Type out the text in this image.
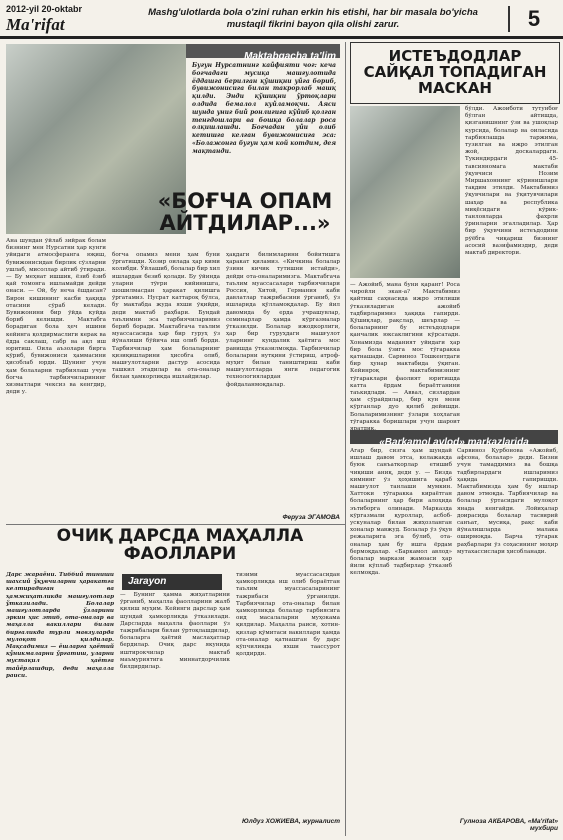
2012-yil 20-oktabr
Ma'rifat
Mashg'ulotlarda bola o'zini ruhan erkin his etishi, har bir masala bo'yicha mustaqil fikrini bayon qila olishi zarur.	5
Maktabgacha ta'lim
Бугун Нурсатнинг кайфияти чог: кеча богчадаги мусиқа машғулотида ёддашга берилган қўшиқни уйга бориб, бувижонисига билан такрорлаб машқ қилди. Энди қўшиқни ўртоқлари олдида бемалол куйламоқчи. Аяси шунда униг бий ронлигига кўйиб қолган тенгдошлари ва бошқа болалар роса олқишлашди. Богчадан уйи олиб кетишга келган бувижонисига эса: «Болажонга бугун ҳам кой котдим, дея мақтанди.
«БОҒЧА ОПАМ АЙТДИЛАР...»
Ана шундан ўйлаб зийрак болам бизнинг мен Нурсатни ҳар кунги уйидаги атмосферанга юқиш, бувижонисидан бирлик сўзларни ушлаб, мисоллар айтиб ўтиради. — Бу меҳнат ишшик, ёзиб ёзиб қай томонга ишламайди дейди онаси. — Ой, бу неча ёшдасан? Бирон кишининг касби ҳақида отасини сўраб келади. Бувижонини бир ўйда куйда бориб келишди. Мактабга борадиган бола ҳеч ишини кейинга қолдирмаслиги керак ва ёдда саклаш, сабр ва ақл иш юритиш. Оила аъзолари бирга кўриб, бувижониси ҳаммасини ҳисоблаб юрди. Шунинг учун ҳам болаларни тарбиялаш учун богча тарбиячиларининг хизматлари чексиз ва кенгдир, деди у.
богча опамиз мени ҳам буни ўргатишди. Хозир оилада ҳар кими колибди. Ўйлашиб, болалар бир хил ишлардан безиб қолади. Бу ўйинда уларни тўғри кийинишга, шошилмасдан ҳаракат қилишга ўргатамиз. Нусрат каттароқ бўлса, бу мактабда жуда яхши ўқийди, деди мактаб раҳбари. Бундай таълимни эса тарбиячиларимиз бериб боради. Мактабгача таълим муассасасида ҳар бир гуруҳ ўз йўналиши бўйича иш олиб борди. Тарбиячилар ҳам болаларнинг қизиқишларини ҳисобга олиб, машғулотларни дастур асосида ташкил этадилар ва ота-оналар билан ҳамкорликда ишлайдилар.
ҳақдаги билимларини бойитишга ҳаракат қиламиз. «Кичкина болалар ўзини кичик тутишни истайди», дейди ота-оналаримизга. Мактабгача таълим муассасалари тарбиячилари Россия, Хитой, Германия каби давлатлар тажрибасини ўрганиб, ўз ишларида қўлламоқдалар. Бу йил давомида бу ерда учрашувлар, семинарлар ҳамда кўргазмалар ўтказилди. Болалар ижодкорлиги, ҳар бир гуруҳдаги машғулот уларнинг кундалик ҳаётига мос равишда ўтказилмоқда. Тарбиячилар болаларни нутқини ўстириш, атроф-муҳит билан таништириш каби машғулотларда янги педагогик технологиялардан фойдаланмоқдалар.
Феруза ЭГАМОВА
ИСТЕЪДОДЛАР САЙҚАЛ ТОПАДИГАН МАСКАН
— Ажойиб, мана буни қаранг! Роса чиройли экан-а? Мактабимиз қайтиш саҳнасида ижро этилиши ўтказиладиган ажойиб тадбирларимиз ҳақида гапирди. Қўшиқлар, рақслар, шеърлар — болаларнинг бу истеъдодлари қанчалик юксаклигини кўрсатади. Хонамизда маданият уйидаги ҳар бир бола ўзига мос тўгаракка қатнашади. Сарвиноз Тошкентдаги бир ҳунар мактабида ўқиган. Кейинроқ мактабимизнинг тўгараклари фаолият юритишда катта ёрдам бераётганини таъкидлади. — Аввал, сизлардан ҳам сўрайдилар, бир кун мени кўрганлар дуо қилиб дейишди. Болаларимизнинг ўзлари хоҳлаган тўгаракка боришлари учун шароит
бўлди. Ажоиботи тутунбоғ бўлган айтишда, қизганишнинг ўзи ва ушоқлар курсида, болалар ва оиласида тарбиялашда таржима, тузилган ва ижро этилган жой, доскалардаги. Тукиндирдаги 45-тавсияномага мактаби ўқувчиси Нозим Миршахоннинг кўринишлари тақдим этилди. Мактабимиз ўқувчилари ва ўқитувчилари шаҳар ва республика миқёсидаги кўрик-танловларда фахрли ўринларни эгалладилар. Ҳар бир ўқувчини истеъдодини рўёбга чиқариш бизнинг асосий вазифамиздир, деди мактаб директори.
«Barkamol avlod» markazlarida
Агар бир, сизга ҳам шундай ишлаш давом этса, келажакда буюк санъаткорлар етишиб чиқиши аниқ, деди у. — Бизда кимнинг ўз ҳоҳишига қараб машғулот танлаши мумкин. Хаттоки тўгаракка кираётган болаларнинг ҳар бири алоҳида эътиборга олинади. Марказда кўргазмали қуроллар, асбоб-ускуналар билан жиҳозланган хоналар мавжуд. Болалар ўз ўқув режаларига эга бўлиб, ота-оналар ҳам бу ишга ёрдам бермоқдалар. «Баркамол авлод» болалар маркази жамоаси ҳар йили кўплаб тадбирлар ўтказиб келмоқда.
Сарвиноз Қурбонова «Ажойиб, афсона, болалар» деди. Бизни учун тамаддимиз ва бошқа тадбирлардаги ишларимиз ҳақида гапиришди. Мактабимизда ҳам бу ишлар давом этмоқда. Тарбиячилар ва болалар ўртасидаги мулоқот янада кенгайди. Лойиҳалар доирасида болалар тасвирий санъат, мусиқа, рақс каби йўналишларда малака оширмоқда. Барча тўгарак раҳбарлари ўз соҳасининг моҳир мутахассислари ҳисобланади.
Гулноза АКБАРОВА, «Ma'rifat» мухбири
ОЧИҚ ДАРСДА МАҲАЛЛА ФАОЛЛАРИ
Дарс жараёни. Тиббий тиниши шахсий ўқувчиларни ҳаракатга келтирадиган ва ҳамжиҳатликда машғулотлар ўтказилади. Болалар машғулотларда ўзларини эркин ҳис этиб, ота-оналар ва маҳалла вакиллари билан биргаликда турли мавзуларда мулоқот қилдилар. Мақсадимиз — ёшларга ҳаётий кўникмаларни ўргатиш, уларни мустақил ҳаётга тайёрлашдир, деди маҳалла раиси.
Jarayon
— Бунинг ҳамма жиҳатларини ўрганиб, маҳалла фаолларини жалб қилиш муҳим. Кейинги дарслар ҳам шундай ҳамкорликда ўтказилади. Дарсларда маҳалла фаоллари ўз тажрибалари билан ўртоқлашдилар, болаларга ҳаётий маслаҳатлар бердилар. Очиқ дарс якунида иштирокчилар мактаб маъмуриятига миннатдорчилик билдирдилар.
тизими муассасасидан ҳамкорликда иш олиб бораётган таълим муассасаларининг тажрибаси ўрганилди. Тарбиячилар ота-оналар билан ҳамкорликда болалар тарбиясига оид масалаларни муҳокама қилдилар. Маҳалла раиси, хотин-қизлар қўмитаси вакиллари ҳамда ота-оналар қатнашган бу дарс кўпчиликда яхши таассурот қолдирди.
Юлдуз ХОЖИЕВА, журналист
